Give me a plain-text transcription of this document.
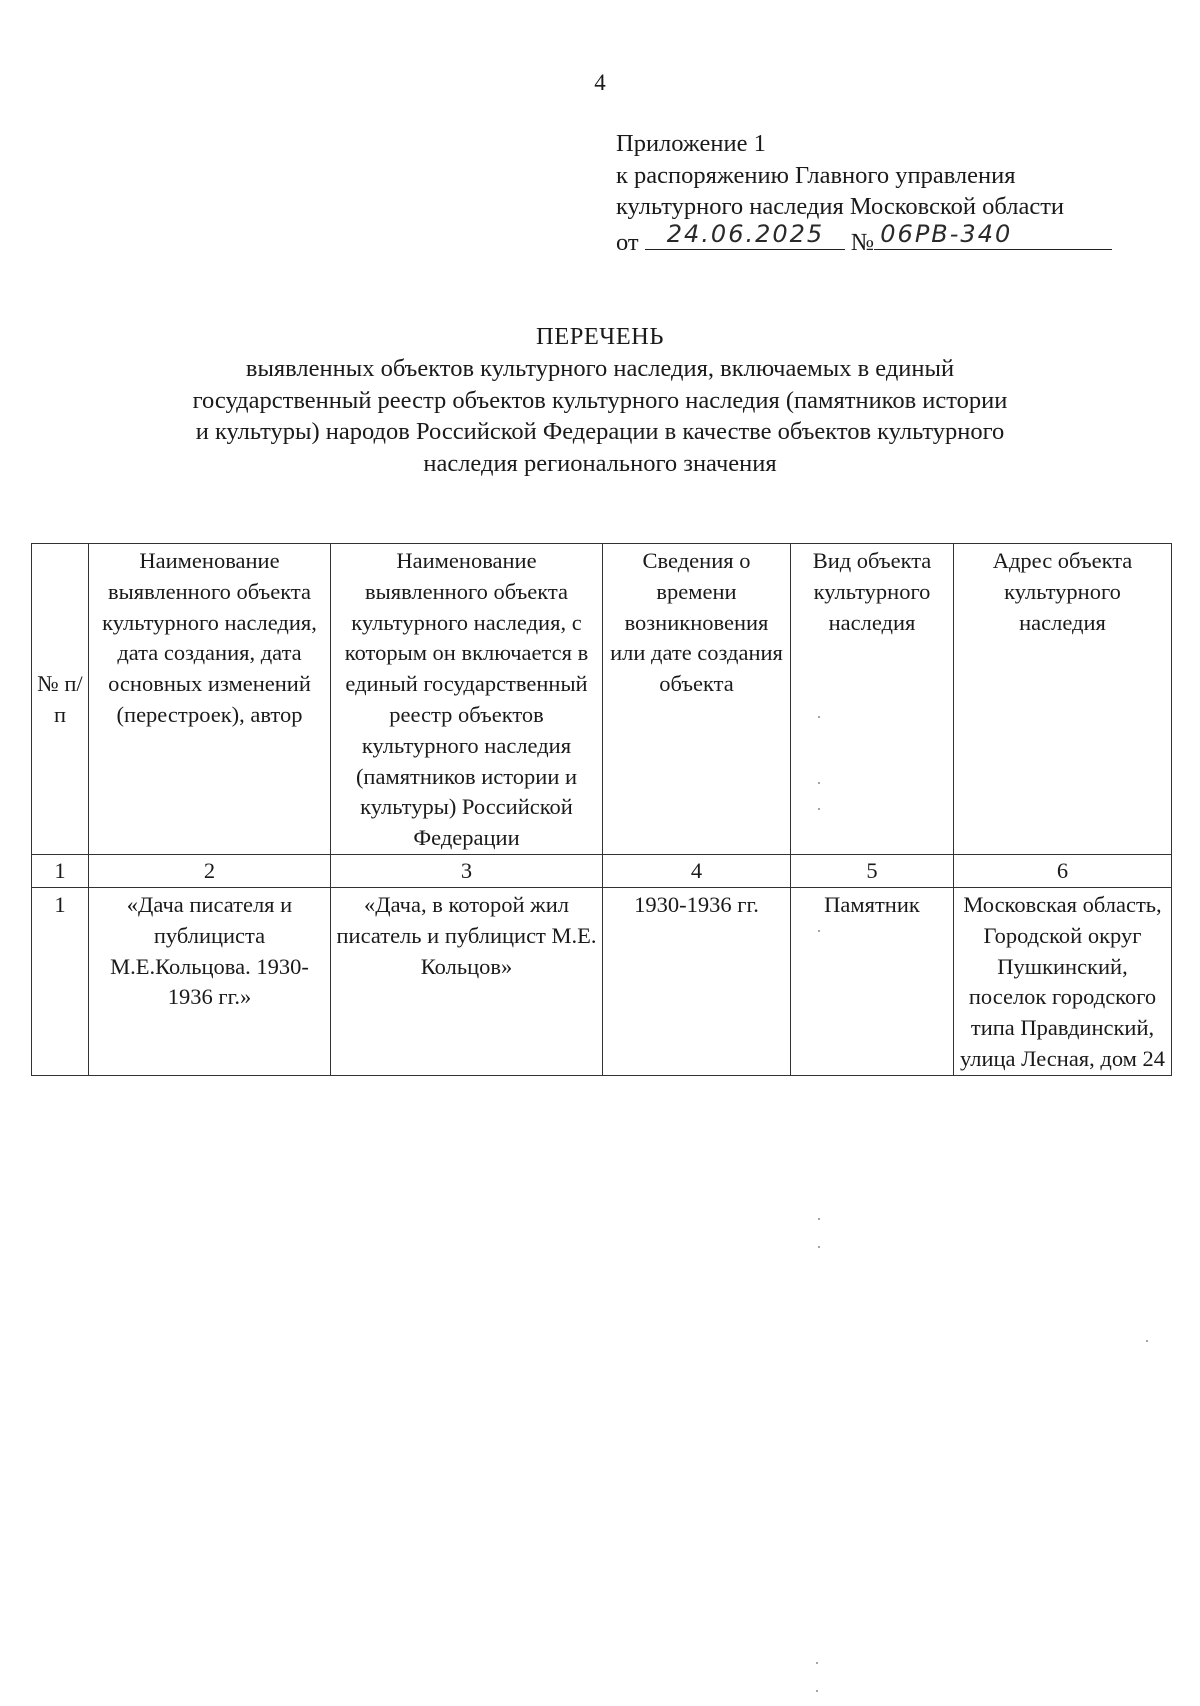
4
Приложение 1
к распоряжению Главного управления
культурного наследия Московской области
от 24.06.2025 № 06РВ-340
ПЕРЕЧЕНЬ
выявленных объектов культурного наследия, включаемых в единый
государственный реестр объектов культурного наследия (памятников истории
и культуры) народов Российской Федерации в качестве объектов культурного
наследия регионального значения
№ п/п	Наименование выявленного объекта культурного наследия, дата создания, дата основных изменений (перестроек), автор	Наименование выявленного объекта культурного наследия, с которым он включается в единый государственный реестр объектов культурного наследия (памятников истории и культуры) Российской Федерации	Сведения о времени возникновения или дате создания объекта	Вид объекта культурного наследия	Адрес объекта культурного наследия
1	2	3	4	5	6
1	«Дача писателя и публициста М.Е.Кольцова. 1930-1936 гг.»	«Дача, в которой жил писатель и публицист М.Е. Кольцов»	1930-1936 гг.	Памятник	Московская область, Городской округ Пушкинский, поселок городского типа Правдинский, улица Лесная, дом 24
